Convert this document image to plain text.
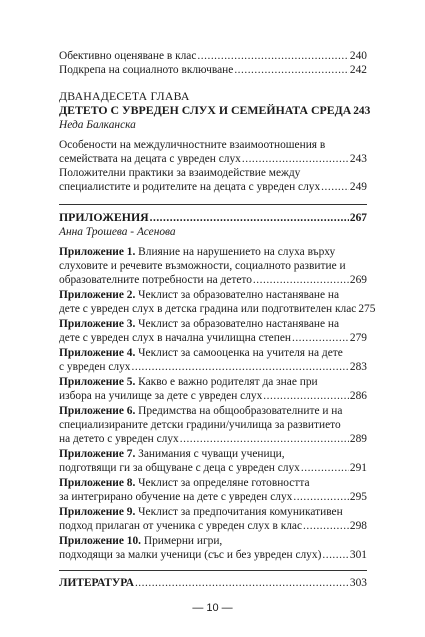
Обективно оценяване в клас .....	240
Подкрепа на социалното включване .....	242
ДВАНАДЕСЕТА ГЛАВА
ДЕТЕТО С УВРЕДЕН СЛУХ И СЕМЕЙНАТА СРЕДА 243
Неда Балканска
Особености на междуличностните взаимоотношения в
семействата на децата с увреден слух .....	243
Положителни практики за взаимодействие между
специалистите и родителите на децата с увреден слух .....	249
ПРИЛОЖЕНИЯ .....	267
Анна Трошева - Асенова
Приложение 1. Влияние на нарушението на слуха върху
слуховите и речевите възможности, социалното развитие и
образователните потребности на детето .....	269
Приложение 2. Чеклист за образователно настаняване на
дете с увреден слух в детска градина или подготвителен клас 275
Приложение 3. Чеклист за образователно настаняване на
дете с увреден слух в начална училищна степен .....	279
Приложение 4. Чеклист за самооценка на учителя на дете
с увреден слух .....	283
Приложение 5. Какво е важно родителят да знае при
избора на училище за дете с увреден слух .....	286
Приложение 6. Предимства на общообразователните и на
специализираните детски градини/училища за развитието
на детето с увреден слух .....	289
Приложение 7. Занимания с чуващи ученици,
подготвящи ги за общуване с деца с увреден слух .....	291
Приложение 8. Чеклист за определяне готовността
за интегрирано обучение на дете с увреден слух .....	295
Приложение 9. Чеклист за предпочитания комуникативен
подход прилаган от ученика с увреден слух в клас .....	298
Приложение 10. Примерни игри,
подходящи за малки ученици (със и без увреден слух) .....	301
ЛИТЕРАТУРА .....	303
— 10 —
